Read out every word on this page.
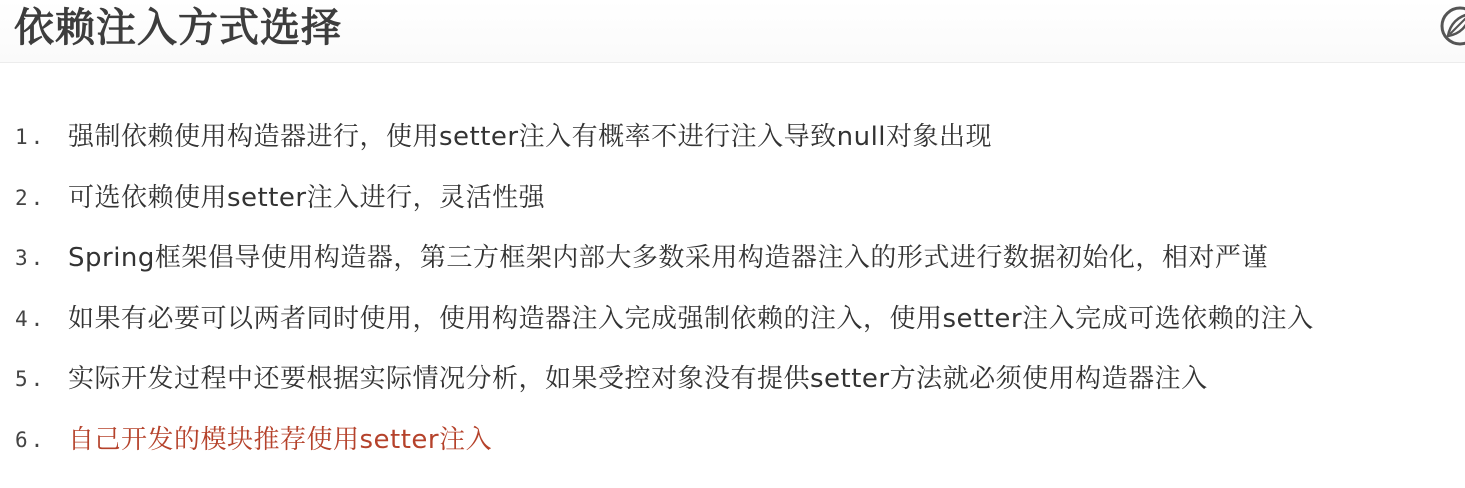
依赖注入方式选择
1. 强制依赖使用构造器进行，使用setter注入有概率不进行注入导致null对象出现
2. 可选依赖使用setter注入进行，灵活性强
3. Spring框架倡导使用构造器，第三方框架内部大多数采用构造器注入的形式进行数据初始化，相对严谨
4. 如果有必要可以两者同时使用，使用构造器注入完成强制依赖的注入，使用setter注入完成可选依赖的注入
5. 实际开发过程中还要根据实际情况分析，如果受控对象没有提供setter方法就必须使用构造器注入
6. 自己开发的模块推荐使用setter注入
